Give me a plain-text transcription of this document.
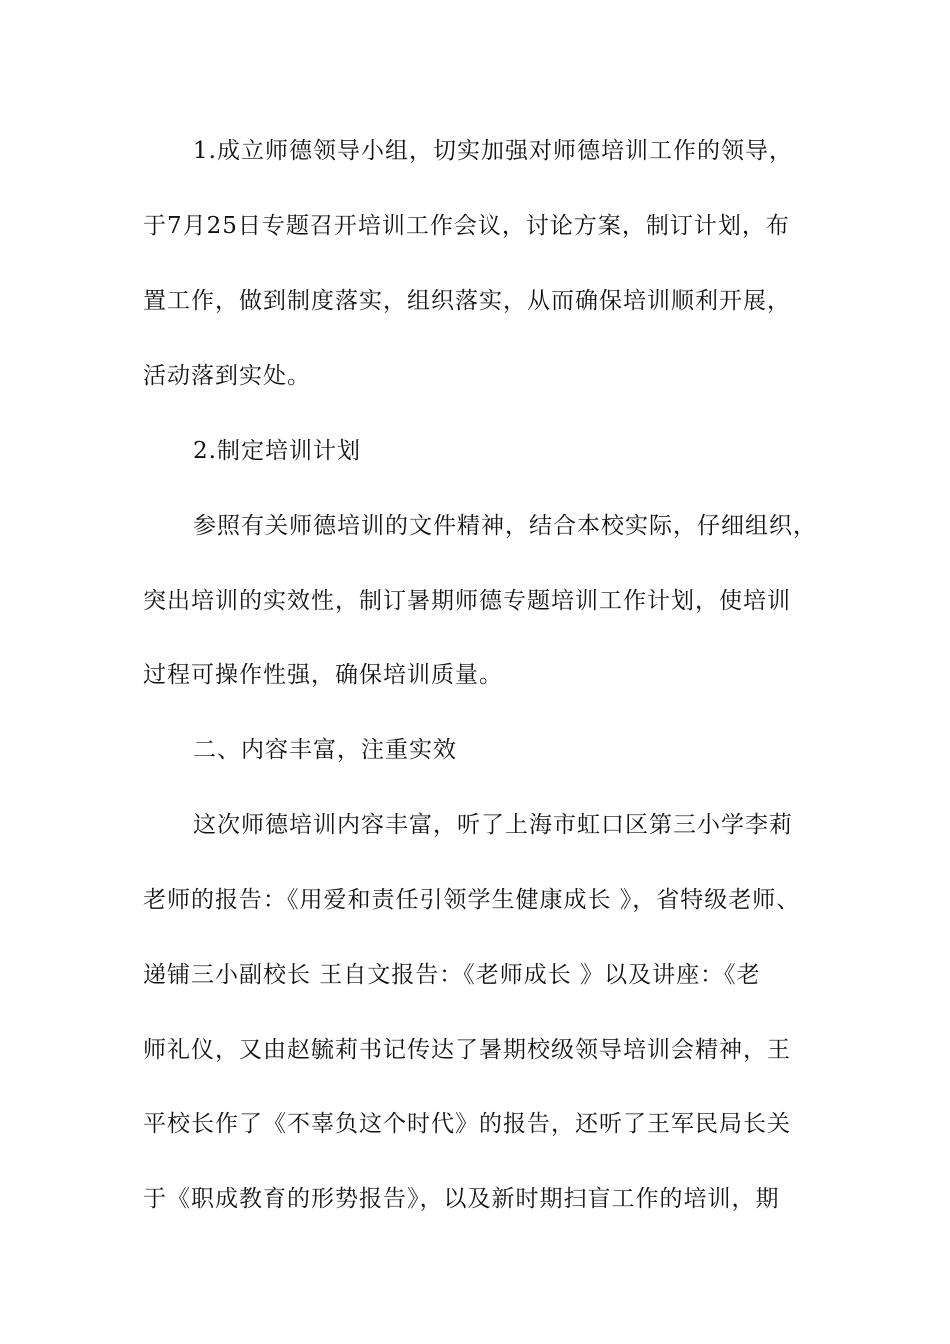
1.成立师德领导小组，切实加强对师德培训工作的领导，
于7月25日专题召开培训工作会议，讨论方案，制订计划，布
置工作，做到制度落实，组织落实，从而确保培训顺利开展，
活动落到实处。
2.制定培训计划
参照有关师德培训的文件精神，结合本校实际，仔细组织，
突出培训的实效性，制订暑期师德专题培训工作计划，使培训
过程可操作性强，确保培训质量。
二、内容丰富，注重实效
这次师德培训内容丰富，听了上海市虹口区第三小学李莉
老师的报告：《用爱和责任引领学生健康成长 》，省特级老师、
递铺三小副校长 王自文报告：《老师成长 》以及讲座：《老
师礼仪，又由赵毓莉书记传达了暑期校级领导培训会精神，王
平校长作了《不辜负这个时代》的报告，还听了王军民局长关
于《职成教育的形势报告》，以及新时期扫盲工作的培训，期
